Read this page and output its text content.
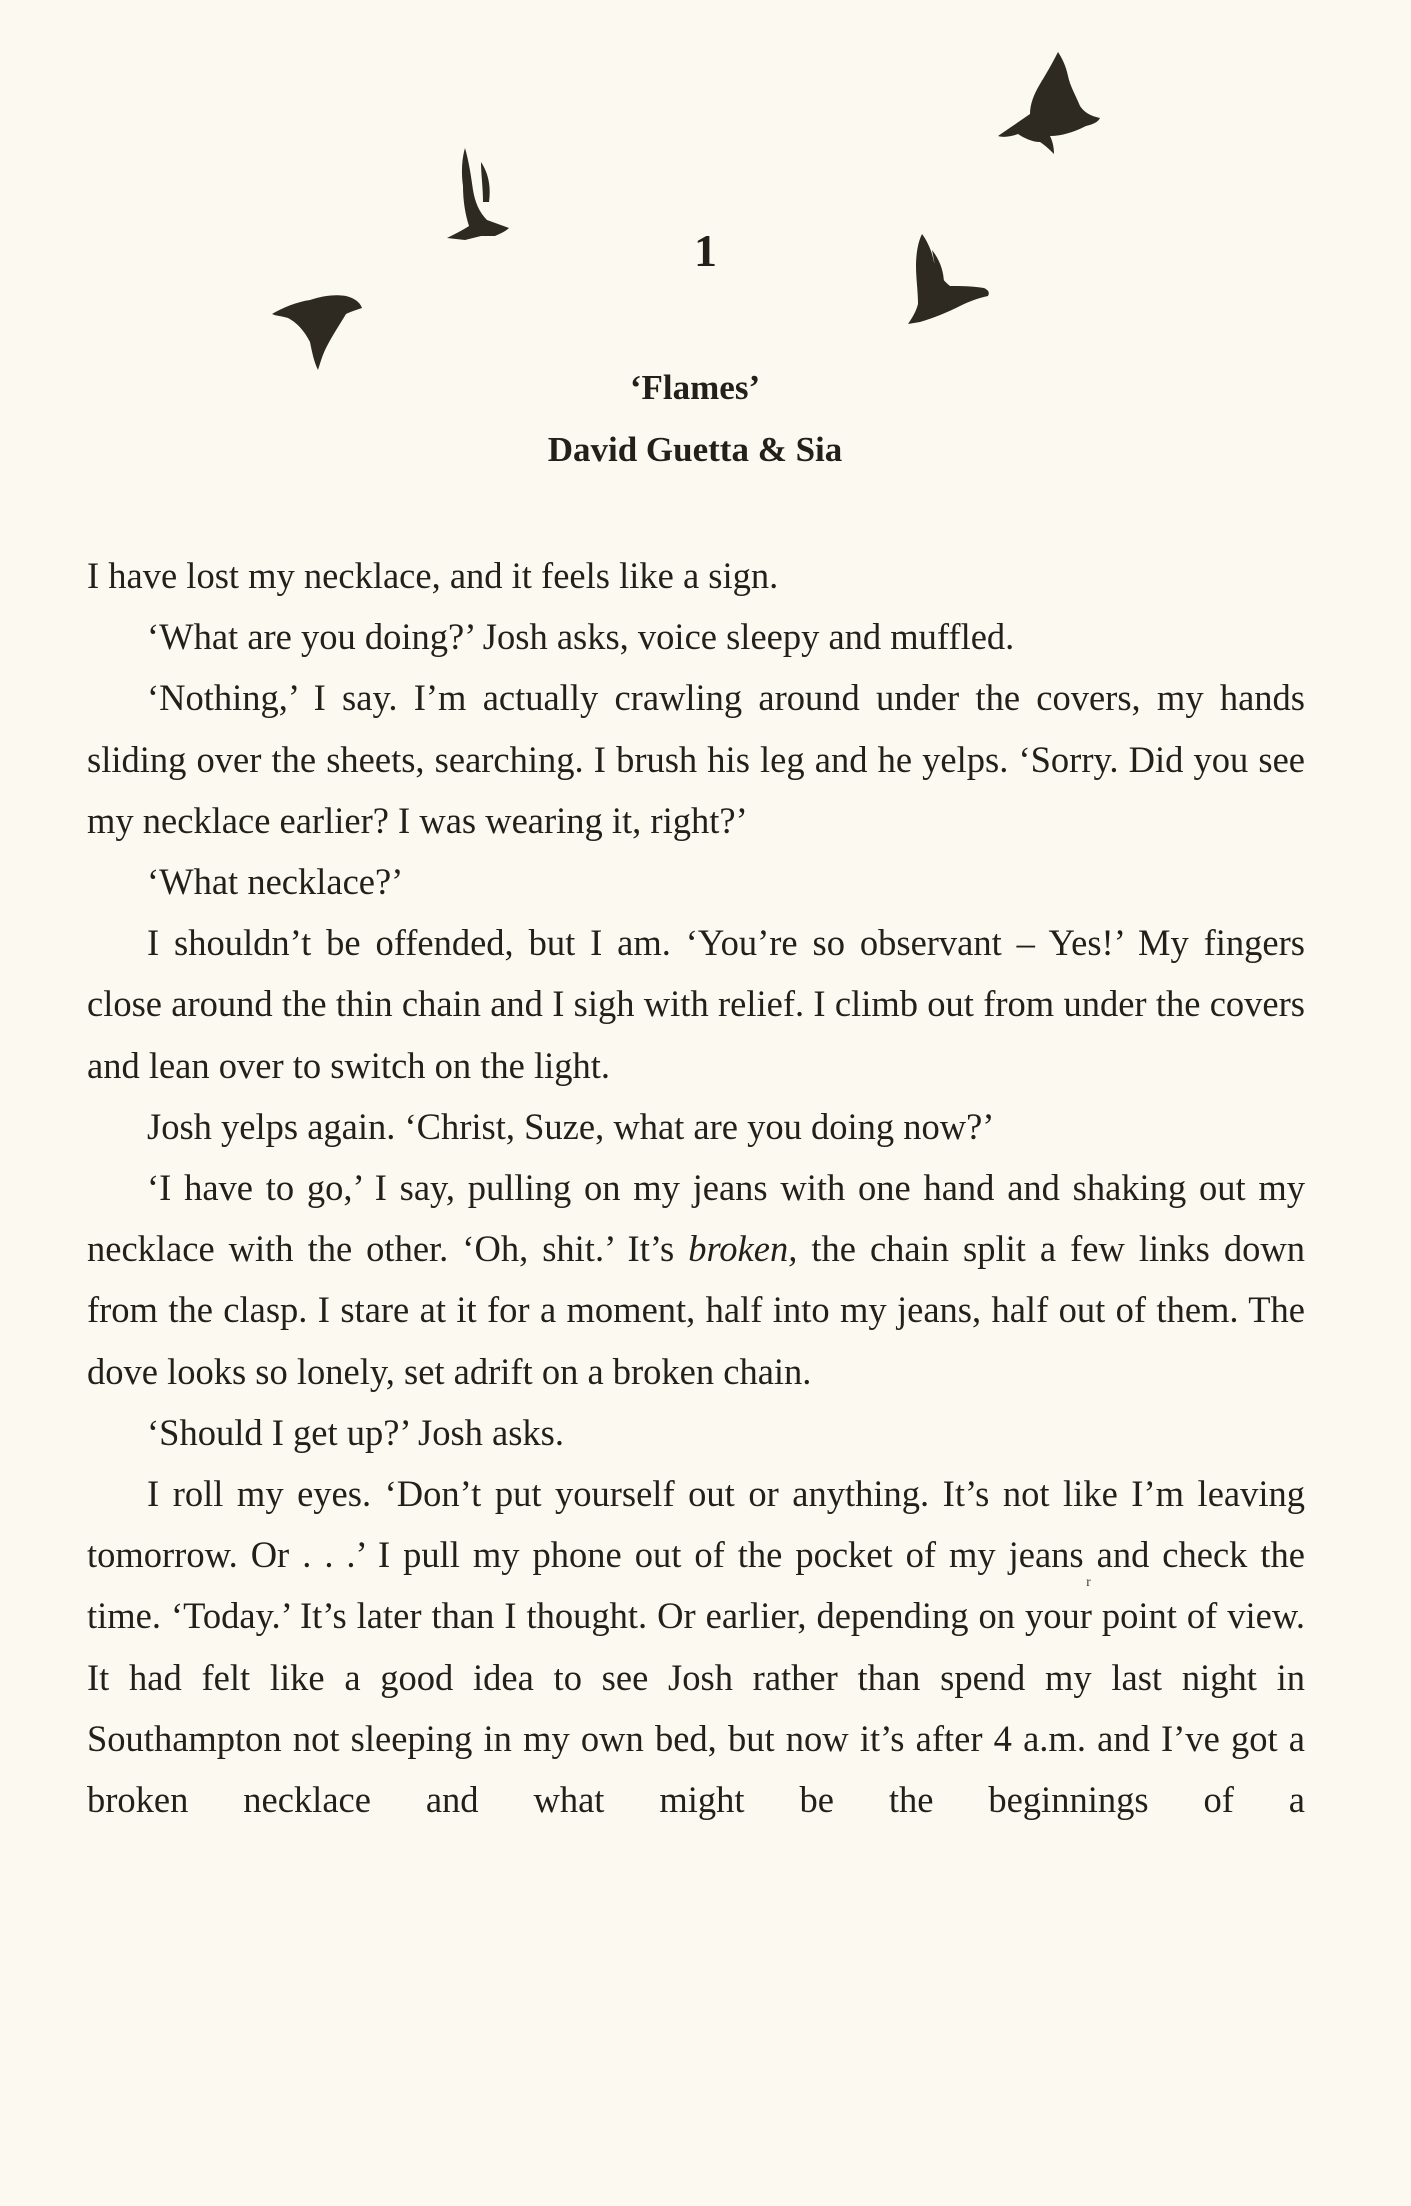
1
‘Flames’
David Guetta & Sia

I have lost my necklace, and it feels like a sign.

‘What are you doing?’ Josh asks, voice sleepy and muffled.

‘Nothing,’ I say. I’m actually crawling around under the covers, my hands sliding over the sheets, searching. I brush his leg and he yelps. ‘Sorry. Did you see my necklace earlier? I was wearing it, right?’

‘What necklace?’

I shouldn’t be offended, but I am. ‘You’re so observant – Yes!’ My fingers close around the thin chain and I sigh with relief. I climb out from under the covers and lean over to switch on the light.

Josh yelps again. ‘Christ, Suze, what are you doing now?’

‘I have to go,’ I say, pulling on my jeans with one hand and shaking out my necklace with the other. ‘Oh, shit.’ It’s broken, the chain split a few links down from the clasp. I stare at it for a moment, half into my jeans, half out of them. The dove looks so lonely, set adrift on a broken chain.

‘Should I get up?’ Josh asks.

I roll my eyes. ‘Don’t put yourself out or anything. It’s not like I’m leaving tomorrow. Or . . .’ I pull my phone out of the pocket of my jeans and check the time. ‘Today.’ It’s later than I thought. Or earlier, depending on your point of view. It had felt like a good idea to see Josh rather than spend my last night in Southampton not sleeping in my own bed, but now it’s after 4 a.m. and I’ve got a broken necklace and what might be the beginnings of a

ʳ
